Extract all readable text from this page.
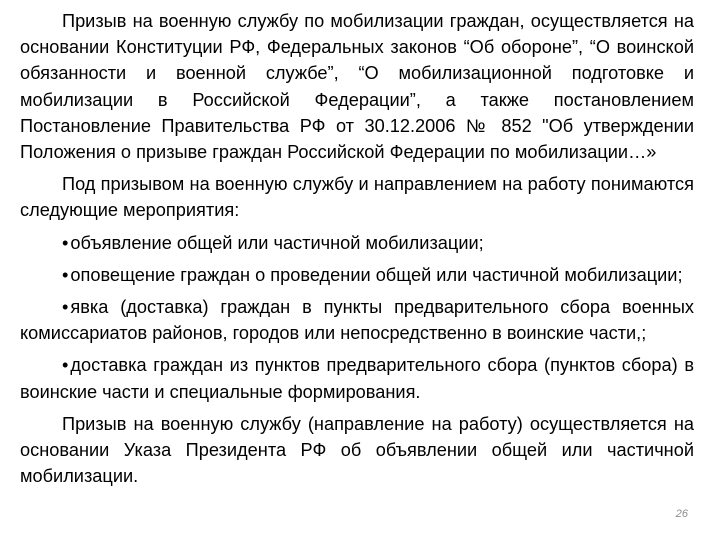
Призыв на военную службу по мобилизации граждан, осуществляется на основании Конституции РФ, Федеральных законов “Об обороне”, “О воинской обязанности и военной службе”, “О мобилизационной подготовке и мобилизации в Российской Федерации”, а также постановлением Постановление Правительства РФ от 30.12.2006 № 852 "Об утверждении Положения о призыве граждан Российской Федерации по мобилизации…»

Под призывом на военную службу и направлением на работу понимаются следующие мероприятия:

• объявление общей или частичной мобилизации;

• оповещение граждан о проведении общей или частичной мобилизации;

• явка (доставка) граждан в пункты предварительного сбора военных комиссариатов районов, городов или непосредственно в воинские части,;

• доставка граждан из пунктов предварительного сбора (пунктов сбора) в воинские части и специальные формирования.

Призыв на военную службу (направление на работу) осуществляется на основании Указа Президента РФ об объявлении общей или частичной мобилизации.

26
